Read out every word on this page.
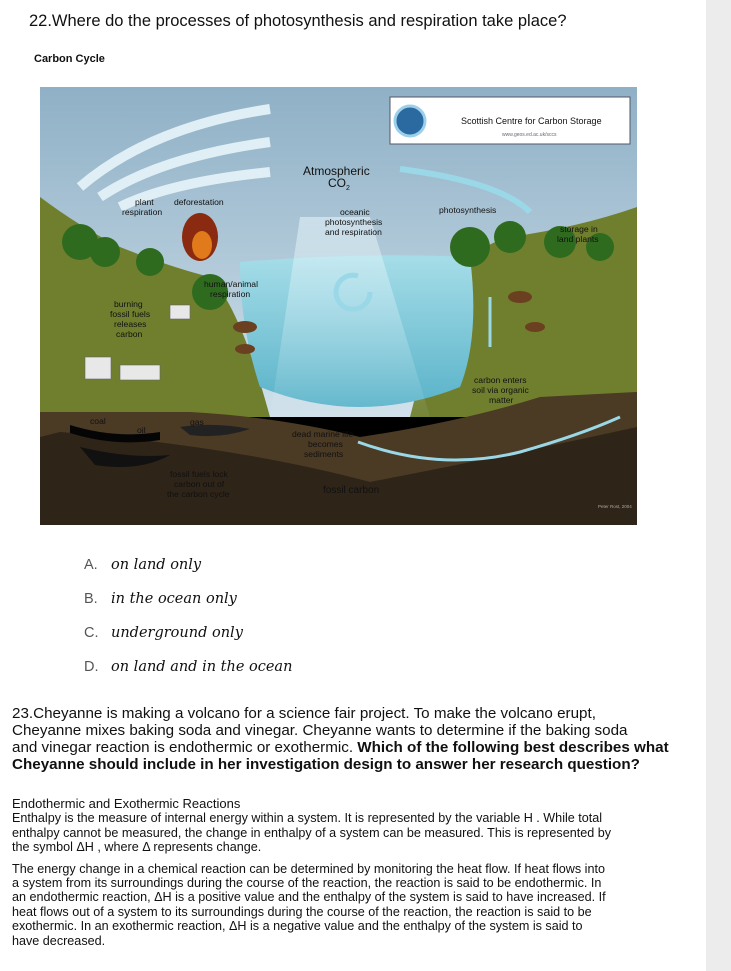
22.Where do the processes of photosynthesis and respiration take place?
Carbon Cycle
Scottish Centre for Carbon Storage
www.geos.ed.ac.uk/sccs
Peter Rost, 2004
Atmospheric
$CO_2$
plant
respiration
deforestation
oceanic
photosynthesis
and respiration
photosynthesis
storage in
land plants
human/animal
respiration
burning
fossil fuels
releases
carbon
carbon enters
soil via organic
matter
coal
oil
gas
dead marine life
becomes
sediments
fossil fuels lock
carbon out of
the carbon cycle	fossil carbon
A. on land only
B. in the ocean only
C. underground only
D. on land and in the ocean
23.Cheyanne is making a volcano for a science fair project. To make the volcano erupt,
Cheyanne mixes baking soda and vinegar. Cheyanne wants to determine if the baking soda
and vinegar reaction is endothermic or exothermic. Which of the following best describes what
Cheyanne should include in her investigation design to answer her research question?
Endothermic and Exothermic Reactions

Enthalpy is the measure of internal energy within a system. It is represented by the variable H . While total
enthalpy cannot be measured, the change in enthalpy of a system can be measured. This is represented by
the symbol ΔH , where Δ represents change.

The energy change in a chemical reaction can be determined by monitoring the heat flow. If heat flows into
a system from its surroundings during the course of the reaction, the reaction is said to be endothermic. In
an endothermic reaction, ΔH is a positive value and the enthalpy of the system is said to have increased. If
heat flows out of a system to its surroundings during the course of the reaction, the reaction is said to be
exothermic. In an exothermic reaction, ΔH is a negative value and the enthalpy of the system is said to
have decreased.
